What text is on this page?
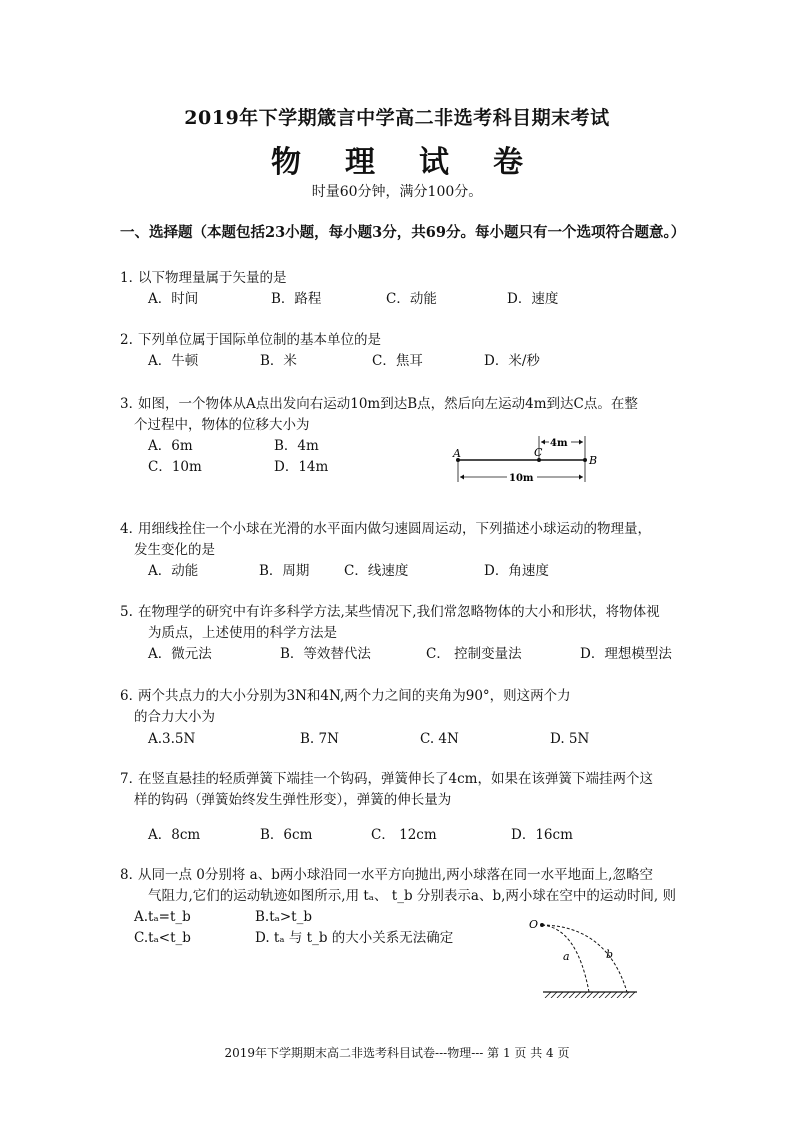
2019年下学期箴言中学高二非选考科目期末考试
物 理 试 卷
时量60分钟，满分100分。
一、选择题（本题包括23小题，每小题3分，共69分。每小题只有一个选项符合题意。）
1．
以下物理量属于矢量的是
A．时间	B．路程	C．动能	D．速度
2. 下列单位属于国际单位制的基本单位的是
A．牛顿	B．米	C．焦耳	D．米/秒
3．
如图，一个物体从A点出发向右运动10m到达B点，然后向左运动4m到达C点。在整
个过程中，物体的位移大小为
A．6m	B．4m
C．10m	D．14m
A	C
B
4m
10m
4．
用细线拴住一个小球在光滑的水平面内做匀速圆周运动，下列描述小球运动的物理量，
发生变化的是
A．动能	B．周期	C．线速度	D．角速度
5. 在物理学的研究中有许多科学方法,某些情况下,我们常忽略物体的大小和形状，将物体视
为质点，上述使用的科学方法是
A．微元法	B．等效替代法	C． 控制变量法	D．理想模型法
6．
两个共点力的大小分别为3N和4N,两个力之间的夹角为90°，则这两个力
的合力大小为
A.3.5N	B. 7N	C. 4N	D. 5N
7．
在竖直悬挂的轻质弹簧下端挂一个钩码，弹簧伸长了4cm，如果在该弹簧下端挂两个这
样的钩码（弹簧始终发生弹性形变），弹簧的伸长量为
A．8cm	B．6cm	C． 12cm	D．16cm
8．
从同一点 0分别将 a、b两小球沿同一水平方向抛出,两小球落在同一水平地面上,忽略空
气阻力,它们的运动轨迹如图所示,用 tₐ、 t_b 分别表示a、b,两小球在空中的运动时间, 则
A.tₐ=t_b	B.tₐ>t_b
C.tₐ<t_b	D. tₐ 与 t_b 的大小关系无法确定
O
a	b
2019年下学期期末高二非选考科目试卷---物理--- 第 1 页 共 4 页
